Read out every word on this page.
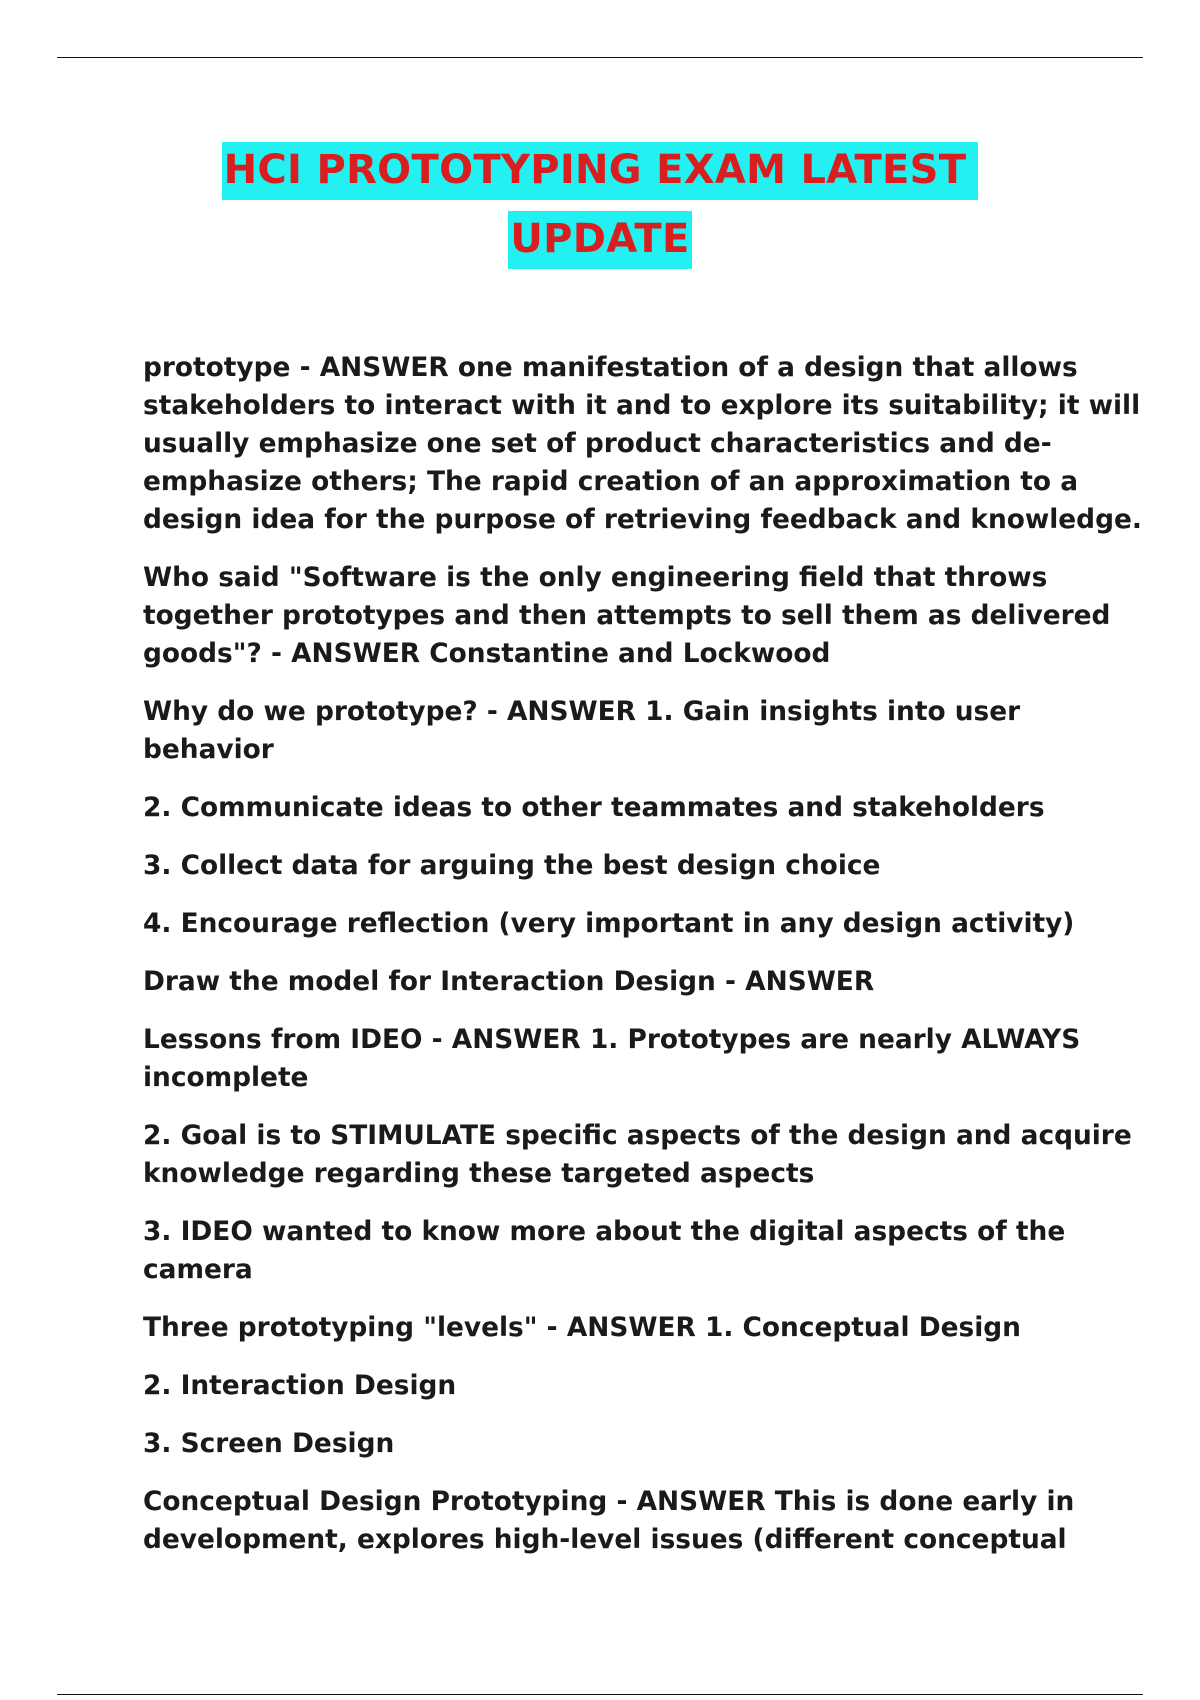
HCI PROTOTYPING EXAM LATEST
UPDATE

prototype - ANSWER one manifestation of a design that allows stakeholders to interact with it and to explore its suitability; it will usually emphasize one set of product characteristics and de-emphasize others; The rapid creation of an approximation to a design idea for the purpose of retrieving feedback and knowledge.

Who said "Software is the only engineering field that throws together prototypes and then attempts to sell them as delivered goods"? - ANSWER Constantine and Lockwood

Why do we prototype? - ANSWER 1. Gain insights into user behavior

2. Communicate ideas to other teammates and stakeholders

3. Collect data for arguing the best design choice

4. Encourage reflection (very important in any design activity)

Draw the model for Interaction Design - ANSWER

Lessons from IDEO - ANSWER 1. Prototypes are nearly ALWAYS incomplete

2. Goal is to STIMULATE specific aspects of the design and acquire knowledge regarding these targeted aspects

3. IDEO wanted to know more about the digital aspects of the camera

Three prototyping "levels" - ANSWER 1. Conceptual Design

2. Interaction Design

3. Screen Design

Conceptual Design Prototyping - ANSWER This is done early in development, explores high-level issues (different conceptual
